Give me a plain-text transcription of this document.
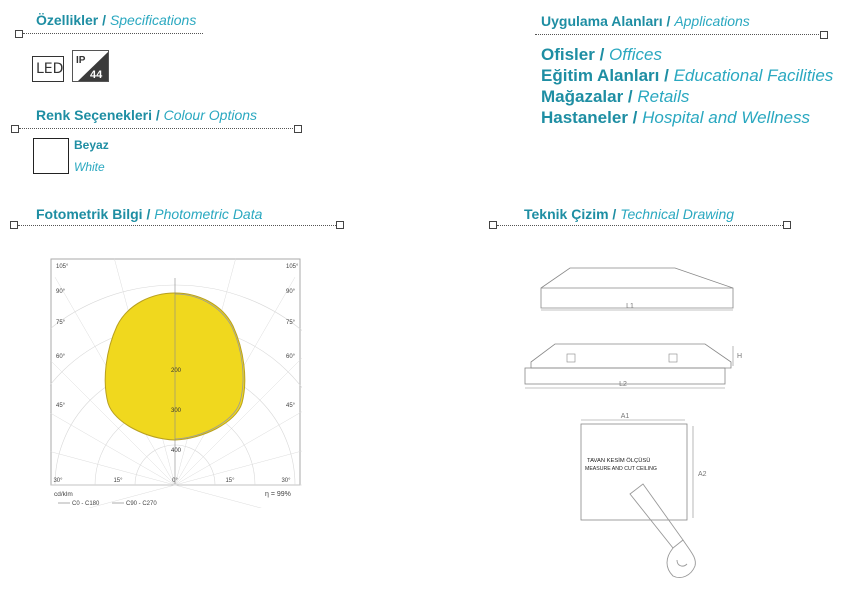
Özellikler / Specifications
LED
IP
44
Renk Seçenekleri / Colour Options
Beyaz
White
Uygulama Alanları / Applications
Ofisler / Offices
Eğitim Alanları / Educational Facilities
Mağazalar / Retails
Hastaneler / Hospital and Wellness
Fotometrik Bilgi / Photometric Data
105°	105°
90°	90°
75°	75°
60°	60°
45°	45°
30°	15°	0°	15°	30°
200
300
400
cd/klm	η = 99%
C0 - C180	C90 - C270
Teknik Çizim / Technical Drawing
L1
H
L2
A1
A2
TAVAN KESİM ÖLÇÜSÜ
MEASURE AND CUT CEILING
